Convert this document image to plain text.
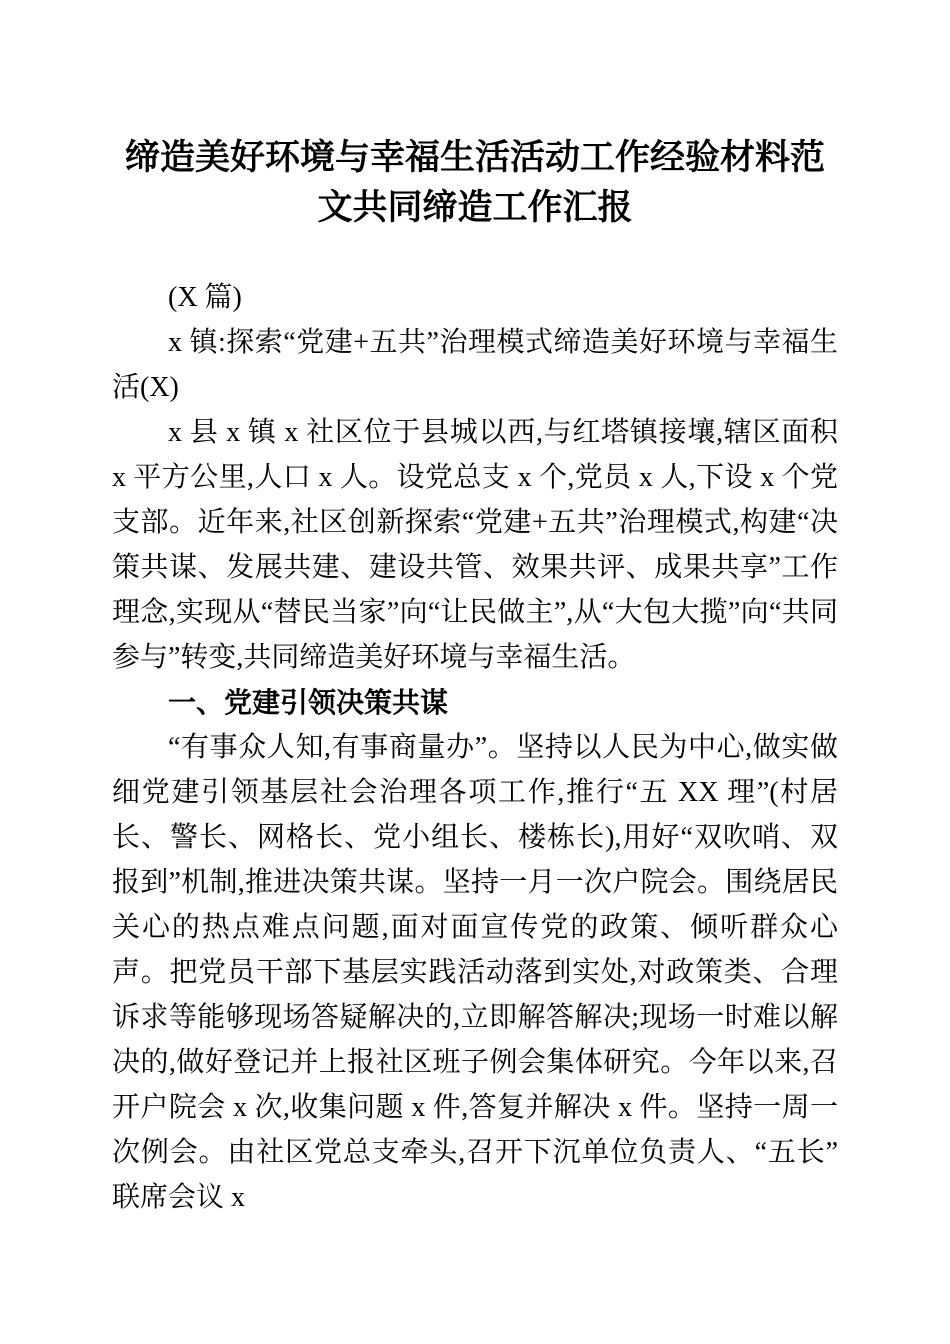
缔造美好环境与幸福生活活动工作经验材料范文共同缔造工作汇报

(X 篇)

x 镇:探索“党建+五共”治理模式缔造美好环境与幸福生活(X)

x 县 x 镇 x 社区位于县城以西,与红塔镇接壤,辖区面积 x 平方公里,人口 x 人。设党总支 x 个,党员 x 人,下设 x 个党支部。近年来,社区创新探索“党建+五共”治理模式,构建“决策共谋、发展共建、建设共管、效果共评、成果共享”工作理念,实现从“替民当家”向“让民做主”,从“大包大揽”向“共同参与”转变,共同缔造美好环境与幸福生活。

一、党建引领决策共谋

“有事众人知,有事商量办”。坚持以人民为中心,做实做细党建引领基层社会治理各项工作,推行“五 XX 理”(村居长、警长、网格长、党小组长、楼栋长),用好“双吹哨、双报到”机制,推进决策共谋。坚持一月一次户院会。围绕居民关心的热点难点问题,面对面宣传党的政策、倾听群众心声。把党员干部下基层实践活动落到实处,对政策类、合理诉求等能够现场答疑解决的,立即解答解决;现场一时难以解决的,做好登记并上报社区班子例会集体研究。今年以来,召开户院会 x 次,收集问题 x 件,答复并解决 x 件。坚持一周一次例会。由社区党总支牵头,召开下沉单位负责人、“五长”联席会议 x
